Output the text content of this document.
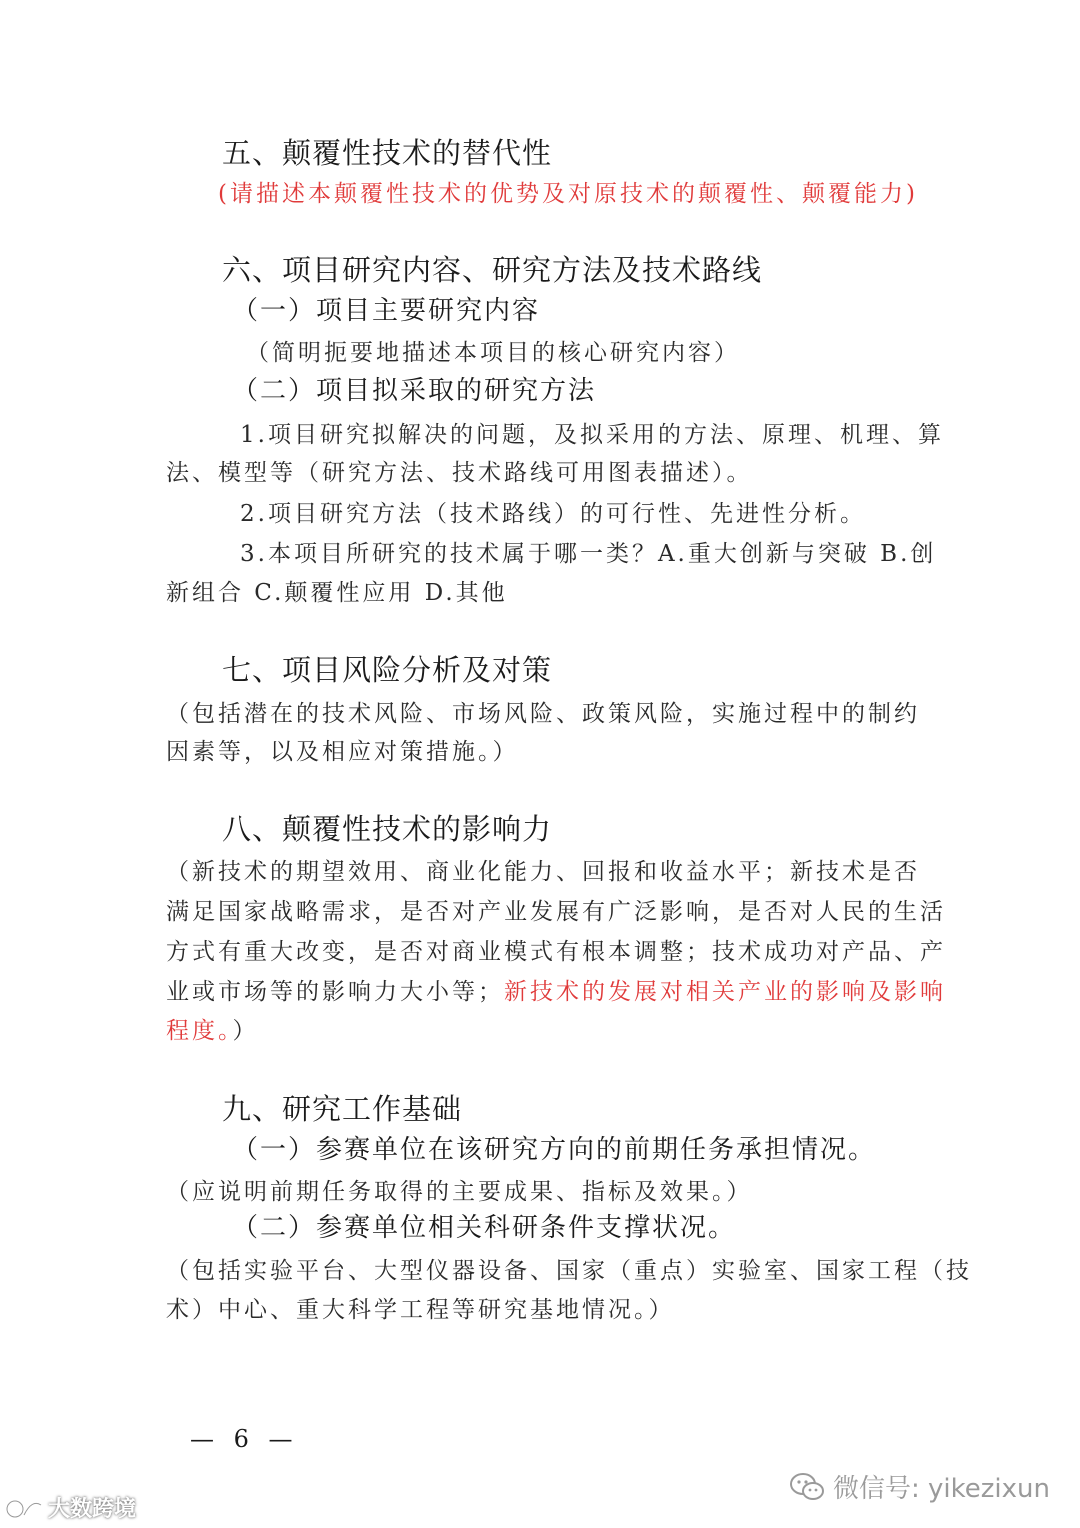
五、颠覆性技术的替代性
(请描述本颠覆性技术的优势及对原技术的颠覆性、颠覆能力)
六、项目研究内容、研究方法及技术路线
（一）项目主要研究内容
（简明扼要地描述本项目的核心研究内容）
（二）项目拟采取的研究方法
1.项目研究拟解决的问题，及拟采用的方法、原理、机理、算
法、模型等（研究方法、技术路线可用图表描述）。
2.项目研究方法（技术路线）的可行性、先进性分析。
3.本项目所研究的技术属于哪一类？A.重大创新与突破 B.创
新组合 C.颠覆性应用 D.其他
七、项目风险分析及对策
（包括潜在的技术风险、市场风险、政策风险，实施过程中的制约
因素等，以及相应对策措施。）
八、颠覆性技术的影响力
（新技术的期望效用、商业化能力、回报和收益水平；新技术是否
满足国家战略需求，是否对产业发展有广泛影响，是否对人民的生活
方式有重大改变，是否对商业模式有根本调整；技术成功对产品、产
业或市场等的影响力大小等；新技术的发展对相关产业的影响及影响
程度。）
九、研究工作基础
（一）参赛单位在该研究方向的前期任务承担情况。
（应说明前期任务取得的主要成果、指标及效果。）
（二）参赛单位相关科研条件支撑状况。
（包括实验平台、大型仪器设备、国家（重点）实验室、国家工程（技
术）中心、重大科学工程等研究基地情况。）
— 6 —
微信号: yikezixun
大数跨境
